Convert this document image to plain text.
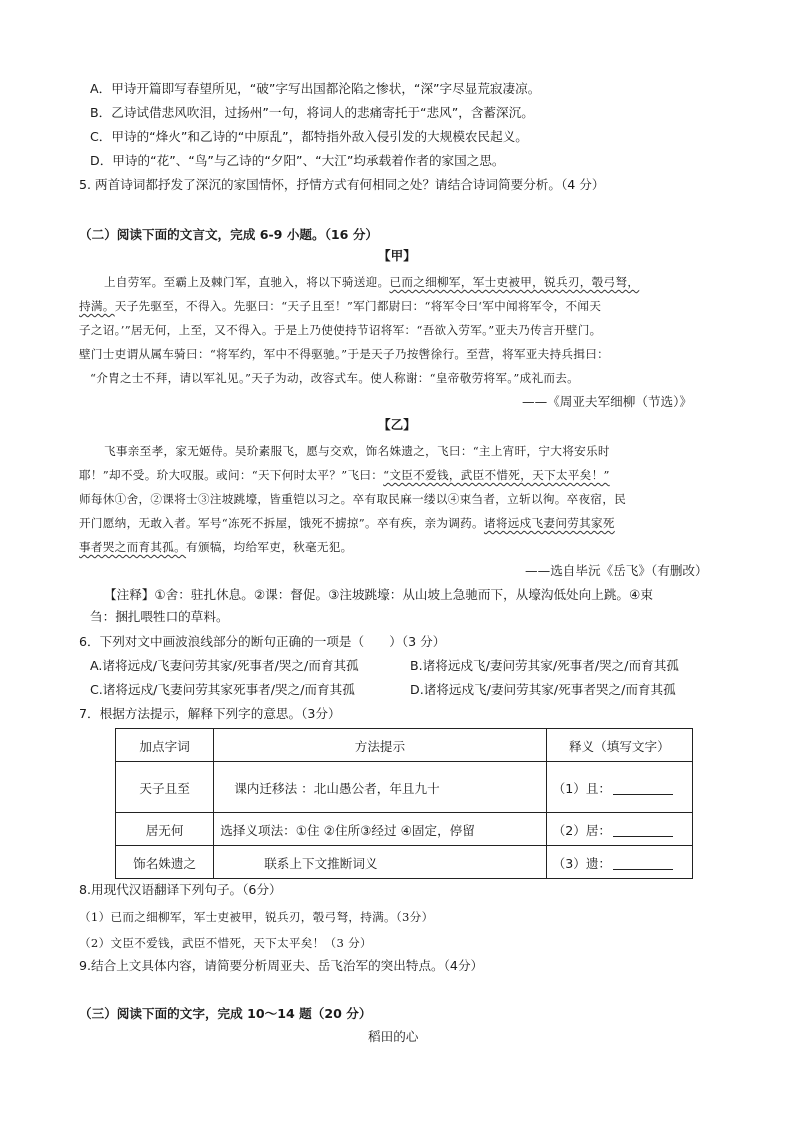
A．甲诗开篇即写春望所见，“破”字写出国都沦陷之惨状，“深”字尽显荒寂凄凉。
B．乙诗试借悲风吹泪，过扬州”一句，将词人的悲痛寄托于“悲风”，含蓄深沉。
C．甲诗的“烽火”和乙诗的“中原乱”，都特指外敌入侵引发的大规模农民起义。
D．甲诗的“花”、“鸟”与乙诗的“夕阳”、“大江”均承载着作者的家国之思。
5. 两首诗词都抒发了深沉的家国情怀，抒情方式有何相同之处？请结合诗词简要分析。（4 分）
（二）阅读下面的文言文，完成 6-9 小题。（16 分）
【甲】
上自劳军。至霸上及棘门军，直驰入，将以下骑送迎。已而之细柳军，军士吏被甲，锐兵刃，彀弓弩，
持满。天子先驱至，不得入。先驱曰：“天子且至！”军门都尉曰：“将军令曰‘军中闻将军令，不闻天
子之诏。’”居无何，上至，又不得入。于是上乃使使持节诏将军：“吾欲入劳军。”亚夫乃传言开壁门。
壁门士吏谓从属车骑曰：“将军约，军中不得驱驰。”于是天子乃按辔徐行。至营，将军亚夫持兵揖曰：
“介胄之士不拜，请以军礼见。”天子为动，改容式车。使人称谢：“皇帝敬劳将军。”成礼而去。
——《周亚夫军细柳（节选）》
【乙】
飞事亲至孝，家无姬侍。吴玠素服飞，愿与交欢，饰名姝遗之，飞曰：“主上宵旰，宁大将安乐时
耶！”却不受。玠大叹服。或问：“天下何时太平？”飞曰：“文臣不爱钱，武臣不惜死，天下太平矣！”
师每休①舍，②课将士③注坡跳壕，皆重铠以习之。卒有取民麻一缕以④束刍者，立斩以徇。卒夜宿，民
开门愿纳，无敢入者。军号“冻死不拆屋，饿死不掳掠”。卒有疾，亲为调药。诸将远戍飞妻问劳其家死
事者哭之而育其孤。有颁犒，均给军吏，秋毫无犯。
——选自毕沅《岳飞》（有删改）
【注释】①舍：驻扎休息。②课：督促。③注坡跳壕：从山坡上急驰而下，从壕沟低处向上跳。④束
刍：捆扎喂牲口的草料。
6．下列对文中画波浪线部分的断句正确的一项是（　　）（3 分）
A.诸将远戍/飞妻问劳其家/死事者/哭之/而育其孤	B.诸将远戍飞/妻问劳其家/死事者/哭之/而育其孤
C.诸将远戍/飞妻问劳其家死事者/哭之/而育其孤	D.诸将远戍飞/妻问劳其家/死事者哭之/而育其孤
7．根据方法提示，解释下列字的意思。（3分）
加点字词	方法提示	释义（填写文字）
天子且至	课内迁移法 ：北山愚公者，年且九十	（1）且：
居无何	选择义项法：①住 ②住所③经过 ④固定，停留	（2）居：
饰名姝遗之	联系上下文推断词义	（3）遗：
8.用现代汉语翻译下列句子。（6分）
（1）已而之细柳军，军士吏被甲，锐兵刃，彀弓弩，持满。（3分）
（2）文臣不爱钱，武臣不惜死，天下太平矣！（3 分）
9.结合上文具体内容，请简要分析周亚夫、岳飞治军的突出特点。（4分）
（三）阅读下面的文字，完成 10～14 题（20 分）
稻田的心
